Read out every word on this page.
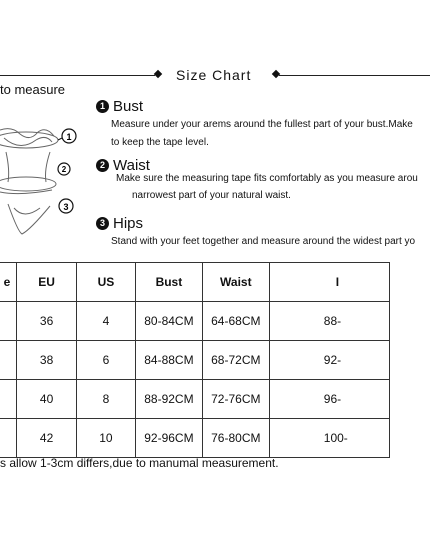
Size Chart
to measure
1
2
3
1 Bust
Measure under your arems around the fullest part of your bust.Make
to keep the tape level.
2 Waist
Make sure the measuring tape fits comfortably as you measure arou
narrowest part of your natural waist.
3 Hips
Stand with your feet together and measure around the widest part yo
e	EU	US	Bust	Waist	I
	36	4	80-84CM	64-68CM	88-
	38	6	84-88CM	68-72CM	92-
	40	8	88-92CM	72-76CM	96-
	42	10	92-96CM	76-80CM	100-
s allow 1-3cm differs,due to manumal measurement.
